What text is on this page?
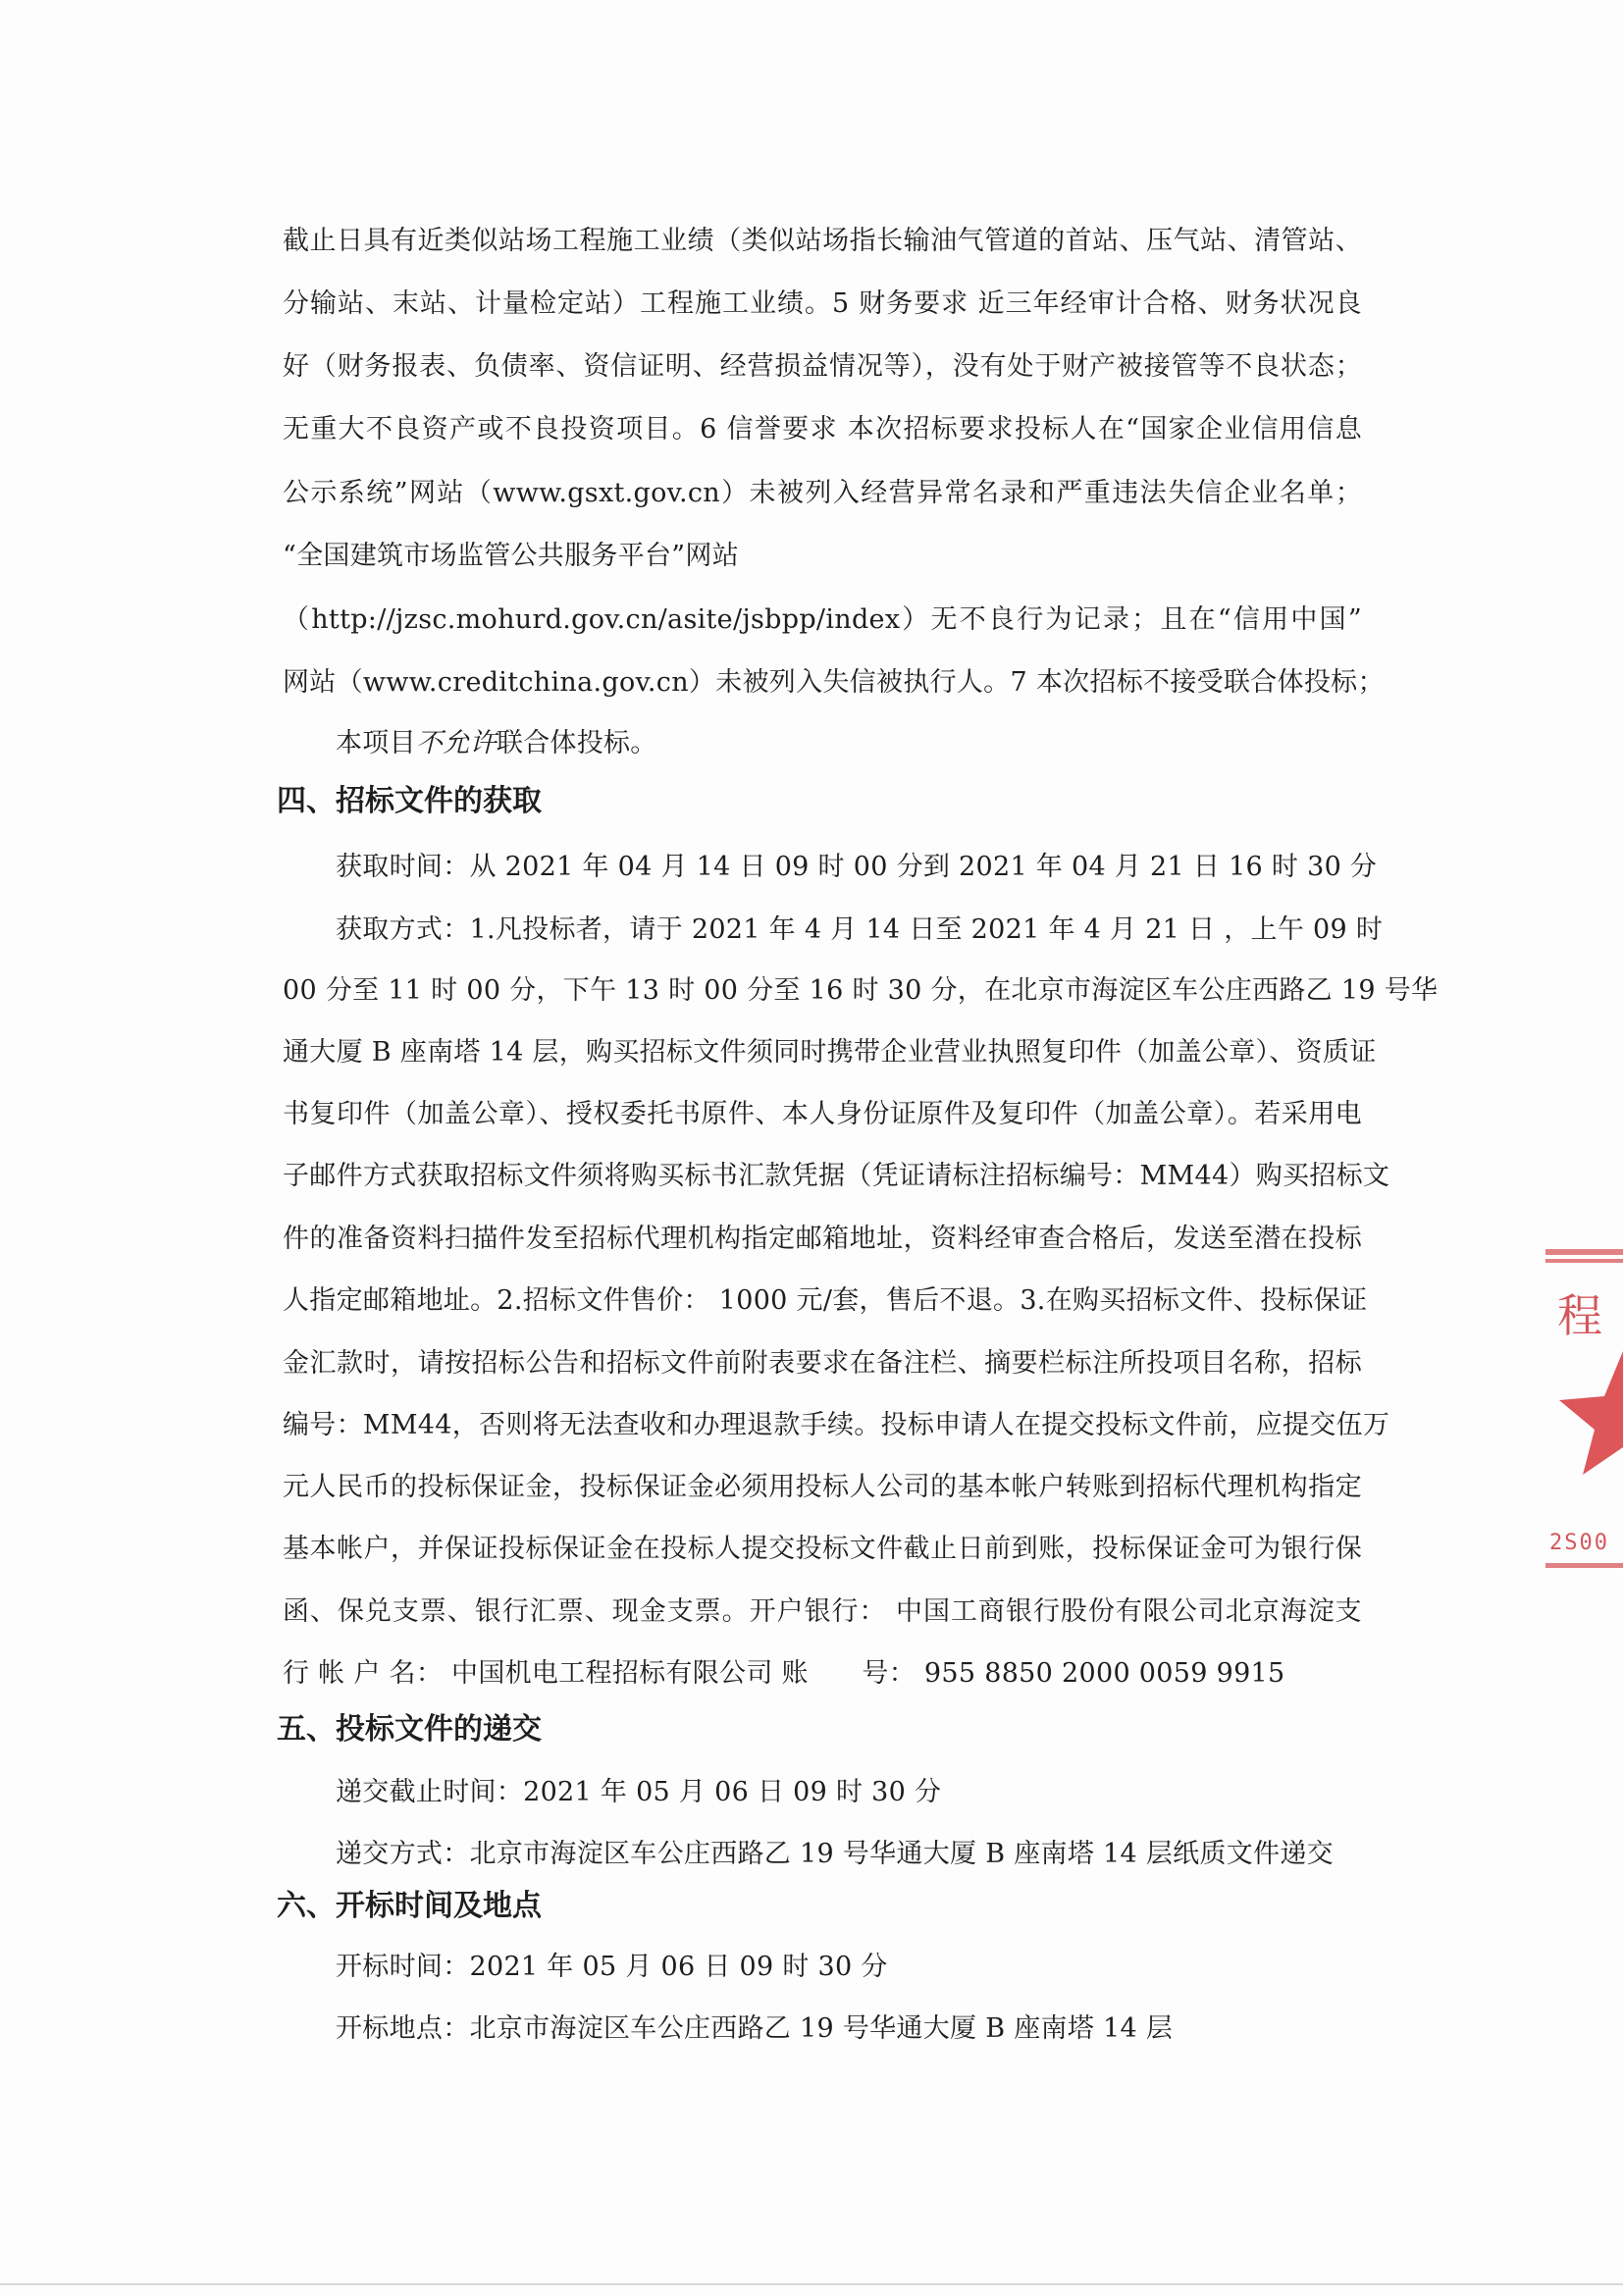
截止日具有近类似站场工程施工业绩（类似站场指长输油气管道的首站、压气站、清管站、
分输站、末站、计量检定站）工程施工业绩。5 财务要求 近三年经审计合格、财务状况良
好（财务报表、负债率、资信证明、经营损益情况等），没有处于财产被接管等不良状态；
无重大不良资产或不良投资项目。6 信誉要求 本次招标要求投标人在“国家企业信用信息
公示系统”网站（www.gsxt.gov.cn）未被列入经营异常名录和严重违法失信企业名单；
“全国建筑市场监管公共服务平台”网站
（http://jzsc.mohurd.gov.cn/asite/jsbpp/index）无不良行为记录；且在“信用中国”
网站（www.creditchina.gov.cn）未被列入失信被执行人。7 本次招标不接受联合体投标；
本项目不允许联合体投标。
四、招标文件的获取
获取时间：从 2021 年 04 月 14 日 09 时 00 分到 2021 年 04 月 21 日 16 时 30 分
获取方式：1.凡投标者，请于 2021 年 4 月 14 日至 2021 年 4 月 21 日 ，上午 09 时
00 分至 11 时 00 分，下午 13 时 00 分至 16 时 30 分，在北京市海淀区车公庄西路乙 19 号华
通大厦 B 座南塔 14 层，购买招标文件须同时携带企业营业执照复印件（加盖公章）、资质证
书复印件（加盖公章）、授权委托书原件、本人身份证原件及复印件（加盖公章）。若采用电
子邮件方式获取招标文件须将购买标书汇款凭据（凭证请标注招标编号：MM44）购买招标文
件的准备资料扫描件发至招标代理机构指定邮箱地址，资料经审查合格后，发送至潜在投标
人指定邮箱地址。2.招标文件售价： 1000 元/套，售后不退。3.在购买招标文件、投标保证
金汇款时，请按招标公告和招标文件前附表要求在备注栏、摘要栏标注所投项目名称，招标
编号：MM44，否则将无法查收和办理退款手续。投标申请人在提交投标文件前，应提交伍万
元人民币的投标保证金，投标保证金必须用投标人公司的基本帐户转账到招标代理机构指定
基本帐户，并保证投标保证金在投标人提交投标文件截止日前到账，投标保证金可为银行保
函、保兑支票、银行汇票、现金支票。开户银行： 中国工商银行股份有限公司北京海淀支
行 帐 户 名： 中国机电工程招标有限公司 账　　号： 955 8850 2000 0059 9915
五、投标文件的递交
递交截止时间：2021 年 05 月 06 日 09 时 30 分
递交方式：北京市海淀区车公庄西路乙 19 号华通大厦 B 座南塔 14 层纸质文件递交
六、开标时间及地点
开标时间：2021 年 05 月 06 日 09 时 30 分
开标地点：北京市海淀区车公庄西路乙 19 号华通大厦 B 座南塔 14 层
程
2S00
